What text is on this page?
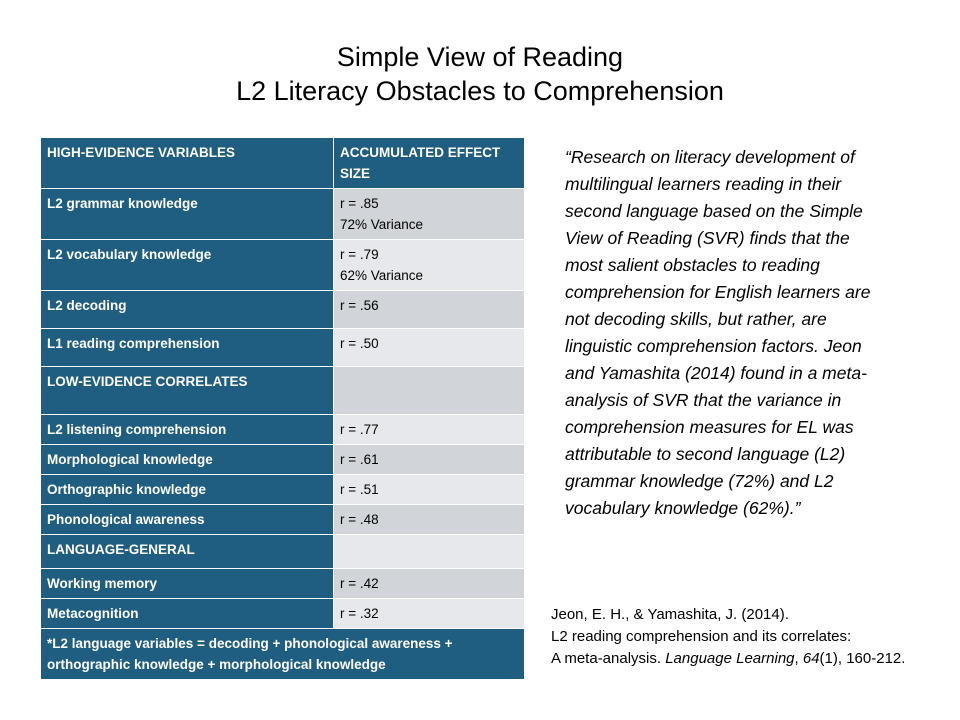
Simple View of Reading
L2 Literacy Obstacles to Comprehension
HIGH-EVIDENCE VARIABLES	ACCUMULATED EFFECT SIZE
L2 grammar knowledge	r = .85
72% Variance

L2 vocabulary knowledge	r = .79
62% Variance

L2 decoding	r = .56
L1 reading comprehension	r = .50
LOW-EVIDENCE CORRELATES	
L2 listening comprehension	r = .77
Morphological knowledge	r = .61
Orthographic knowledge	r = .51
Phonological awareness	r = .48
LANGUAGE-GENERAL	
Working memory	r = .42
Metacognition	r = .32
*L2 language variables = decoding + phonological awareness + orthographic knowledge + morphological knowledge	
“Research on literacy development of multilingual learners reading in their second language based on the Simple View of Reading (SVR) finds that the most salient obstacles to reading comprehension for English learners are not decoding skills, but rather, are linguistic comprehension factors. Jeon and Yamashita (2014) found in a meta-analysis of SVR that the variance in comprehension measures for EL was attributable to second language (L2) grammar knowledge (72%) and L2 vocabulary knowledge (62%).”
Jeon, E. H., & Yamashita, J. (2014).
L2 reading comprehension and its correlates:
A meta-analysis. Language Learning, 64(1), 160-212.
